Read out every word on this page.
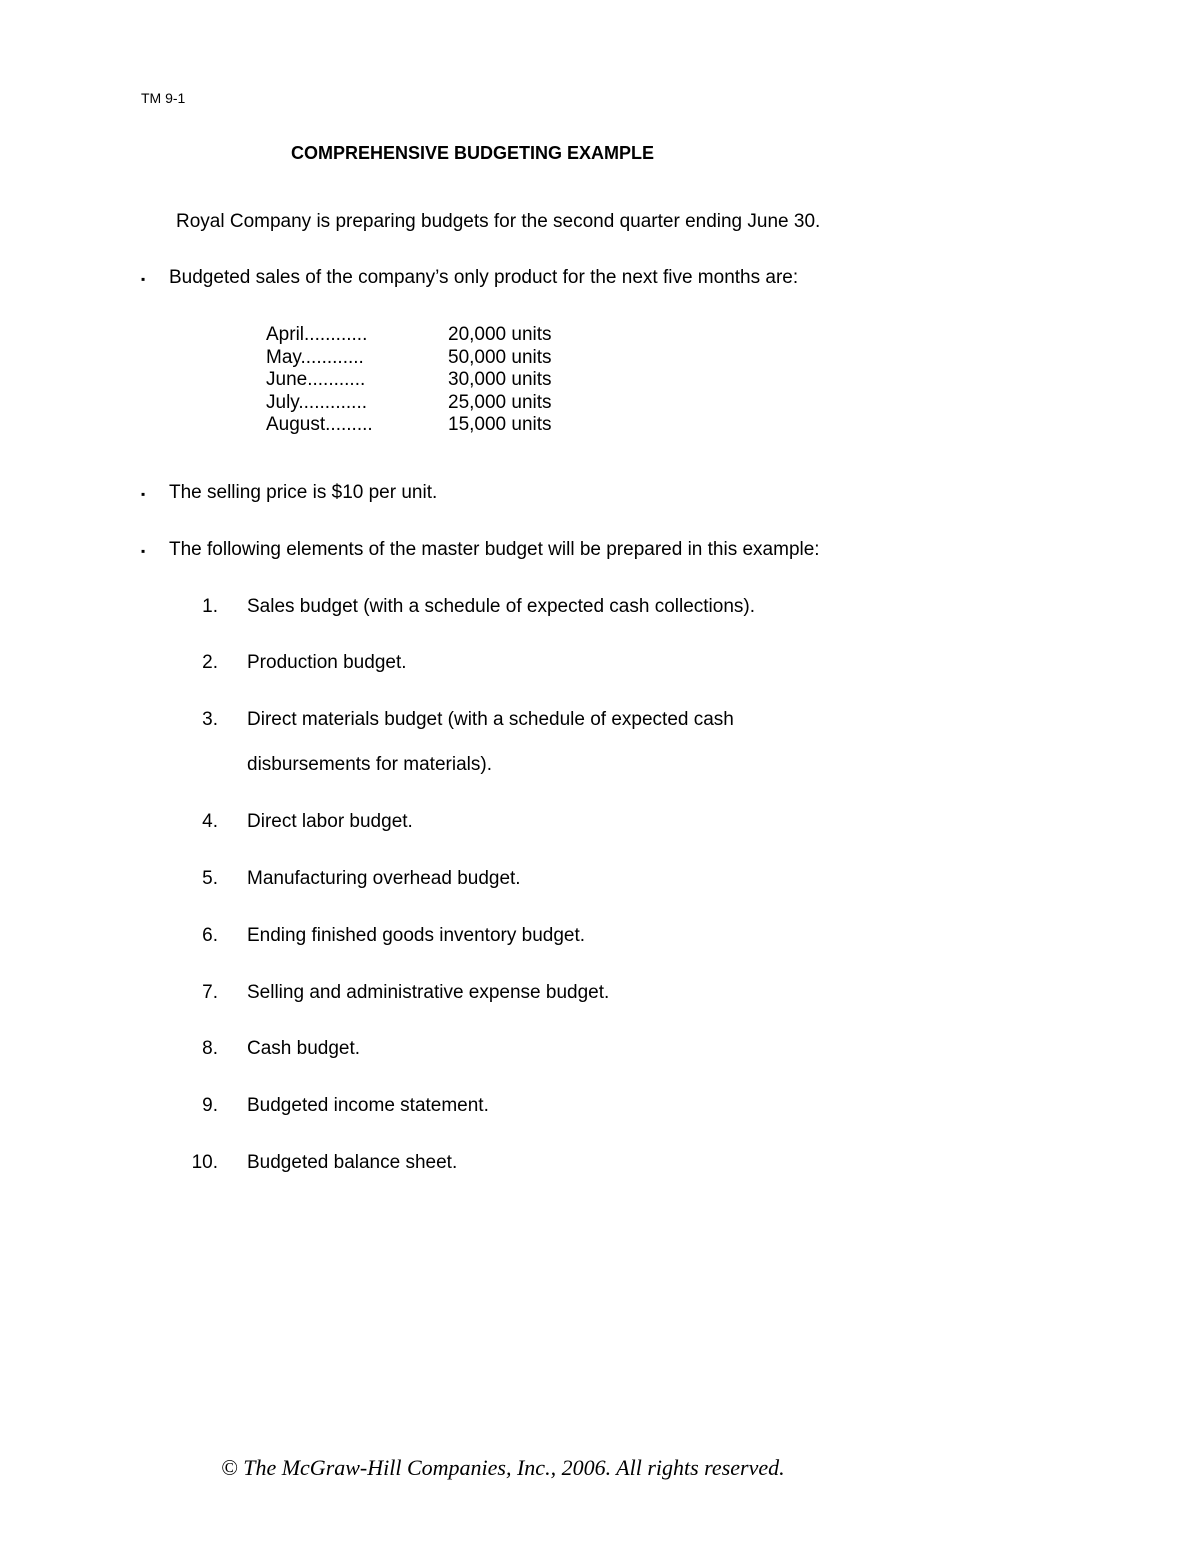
TM 9-1
COMPREHENSIVE BUDGETING EXAMPLE
Royal Company is preparing budgets for the second quarter ending June 30.
▪ Budgeted sales of the company’s only product for the next five months are:
April............	20,000 units
May............	50,000 units
June...........	30,000 units
July.............	25,000 units
August.........	15,000 units
▪ The selling price is $10 per unit.
▪ The following elements of the master budget will be prepared in this example:
1. Sales budget (with a schedule of expected cash collections).
2. Production budget.
3. Direct materials budget (with a schedule of expected cash
disbursements for materials).
4. Direct labor budget.
5. Manufacturing overhead budget.
6. Ending finished goods inventory budget.
7. Selling and administrative expense budget.
8. Cash budget.
9. Budgeted income statement.
10. Budgeted balance sheet.
© The McGraw-Hill Companies, Inc., 2006. All rights reserved.
